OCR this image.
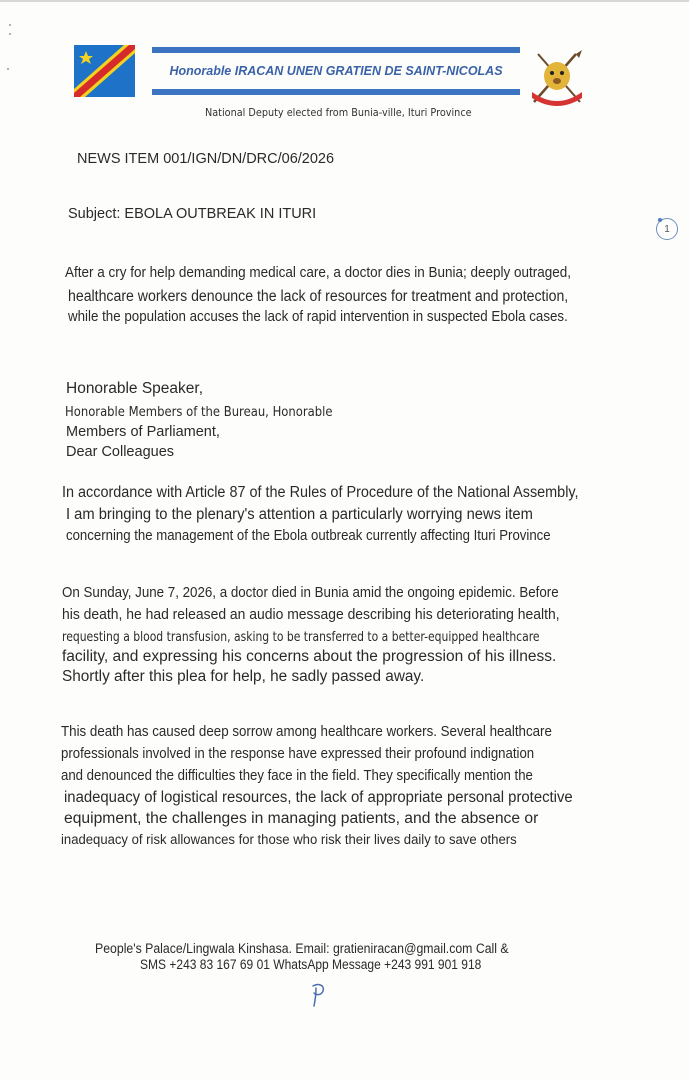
Honorable IRACAN UNEN GRATIEN DE SAINT-NICOLAS
National Deputy elected from Bunia-ville, Ituri Province
1
NEWS ITEM 001/IGN/DN/DRC/06/2026
Subject: EBOLA OUTBREAK IN ITURI
After a cry for help demanding medical care, a doctor dies in Bunia; deeply outraged,
healthcare workers denounce the lack of resources for treatment and protection,
while the population accuses the lack of rapid intervention in suspected Ebola cases.
Honorable Speaker,
Honorable Members of the Bureau, Honorable
Members of Parliament,
Dear Colleagues
In accordance with Article 87 of the Rules of Procedure of the National Assembly,
I am bringing to the plenary's attention a particularly worrying news item
concerning the management of the Ebola outbreak currently affecting Ituri Province
On Sunday, June 7, 2026, a doctor died in Bunia amid the ongoing epidemic. Before
his death, he had released an audio message describing his deteriorating health,
requesting a blood transfusion, asking to be transferred to a better-equipped healthcare
facility, and expressing his concerns about the progression of his illness.
Shortly after this plea for help, he sadly passed away.
This death has caused deep sorrow among healthcare workers. Several healthcare
professionals involved in the response have expressed their profound indignation
and denounced the difficulties they face in the field. They specifically mention the
inadequacy of logistical resources, the lack of appropriate personal protective
equipment, the challenges in managing patients, and the absence or
inadequacy of risk allowances for those who risk their lives daily to save others
People's Palace/Lingwala Kinshasa. Email: gratieniracan@gmail.com Call &
SMS +243 83 167 69 01 WhatsApp Message +243 991 901 918
